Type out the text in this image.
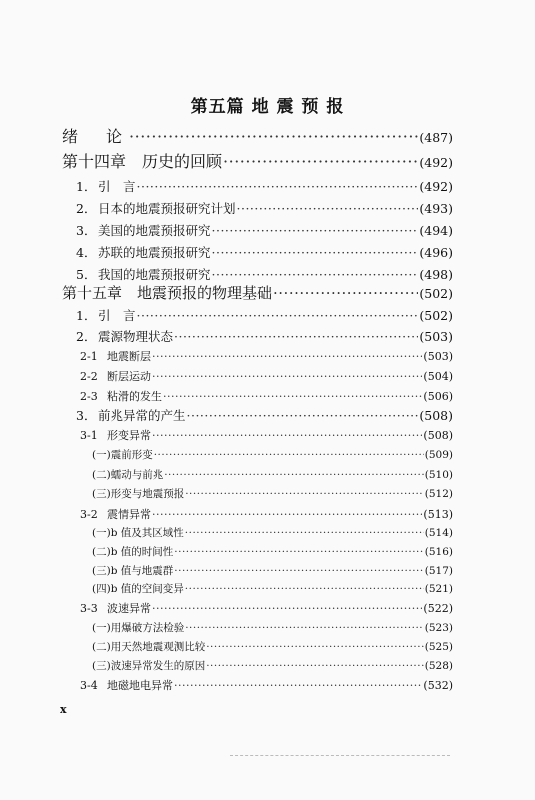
第五篇 地 震 预 报
绪　论 ·····	(487)
第十四章　历史的回顾 ·····	(492)
1． 引　言 ·····	(492)
2． 日本的地震预报研究计划 ·····	(493)
3． 美国的地震预报研究 ·····	(494)
4． 苏联的地震预报研究 ·····	(496)
5． 我国的地震预报研究 ·····	(498)
第十五章　地震预报的物理基础 ·····	(502)
1． 引　言 ·····	(502)
2． 震源物理状态 ·····	(503)
2-1 地震断层 ·····	(503)
2-2 断层运动 ·····	(504)
2-3 粘滑的发生 ·····	(506)
3． 前兆异常的产生 ·····	(508)
3-1 形变异常 ·····	(508)
(一)震前形变 ·····	(509)
(二)蠕动与前兆 ·····	(510)
(三)形变与地震预报 ·····	(512)
3-2 震情异常 ·····	(513)
(一)b 值及其区域性 ·····	(514)
(二)b 值的时间性 ·····	(516)
(三)b 值与地震群 ·····	(517)
(四)b 值的空间变异 ·····	(521)
3-3 波速异常 ·····	(522)
(一)用爆破方法检验 ·····	(523)
(二)用天然地震观测比较 ·····	(525)
(三)波速异常发生的原因 ·····	(528)
3-4 地磁地电异常 ·····	(532)
x
